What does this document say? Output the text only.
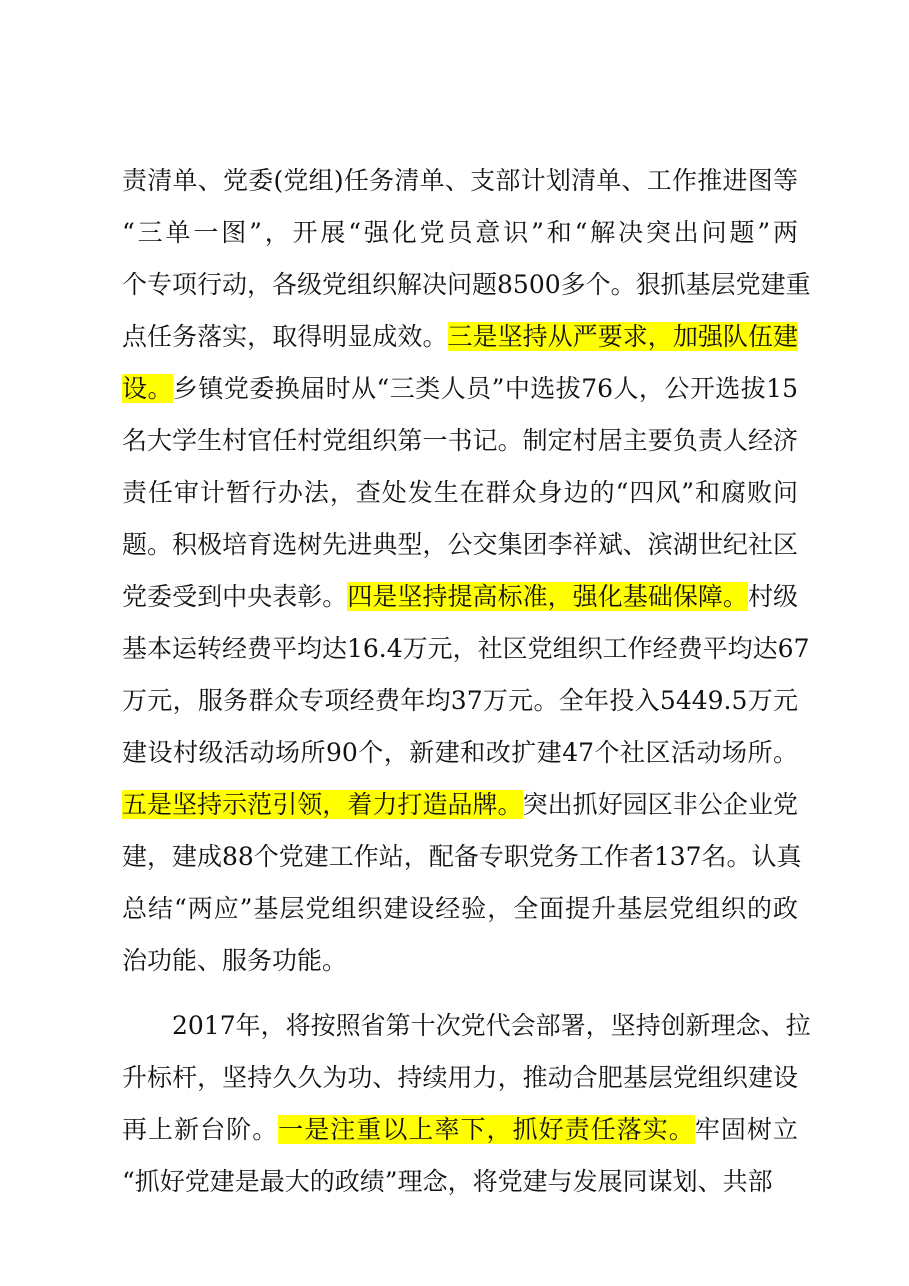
责清单、党委(党组)任务清单、支部计划清单、工作推进图等
“三单一图”，开展“强化党员意识”和“解决突出问题”两
个专项行动，各级党组织解决问题8500多个。狠抓基层党建重
点任务落实，取得明显成效。三是坚持从严要求，加强队伍建
设。乡镇党委换届时从“三类人员”中选拔76人，公开选拔15
名大学生村官任村党组织第一书记。制定村居主要负责人经济
责任审计暂行办法，查处发生在群众身边的“四风”和腐败问
题。积极培育选树先进典型，公交集团李祥斌、滨湖世纪社区
党委受到中央表彰。四是坚持提高标准，强化基础保障。村级
基本运转经费平均达16.4万元，社区党组织工作经费平均达67
万元，服务群众专项经费年均37万元。全年投入5449.5万元
建设村级活动场所90个，新建和改扩建47个社区活动场所。
五是坚持示范引领，着力打造品牌。突出抓好园区非公企业党
建，建成88个党建工作站，配备专职党务工作者137名。认真
总结“两应”基层党组织建设经验，全面提升基层党组织的政
治功能、服务功能。
　　2017年，将按照省第十次党代会部署，坚持创新理念、拉
升标杆，坚持久久为功、持续用力，推动合肥基层党组织建设
再上新台阶。一是注重以上率下，抓好责任落实。牢固树立
“抓好党建是最大的政绩”理念，将党建与发展同谋划、共部
